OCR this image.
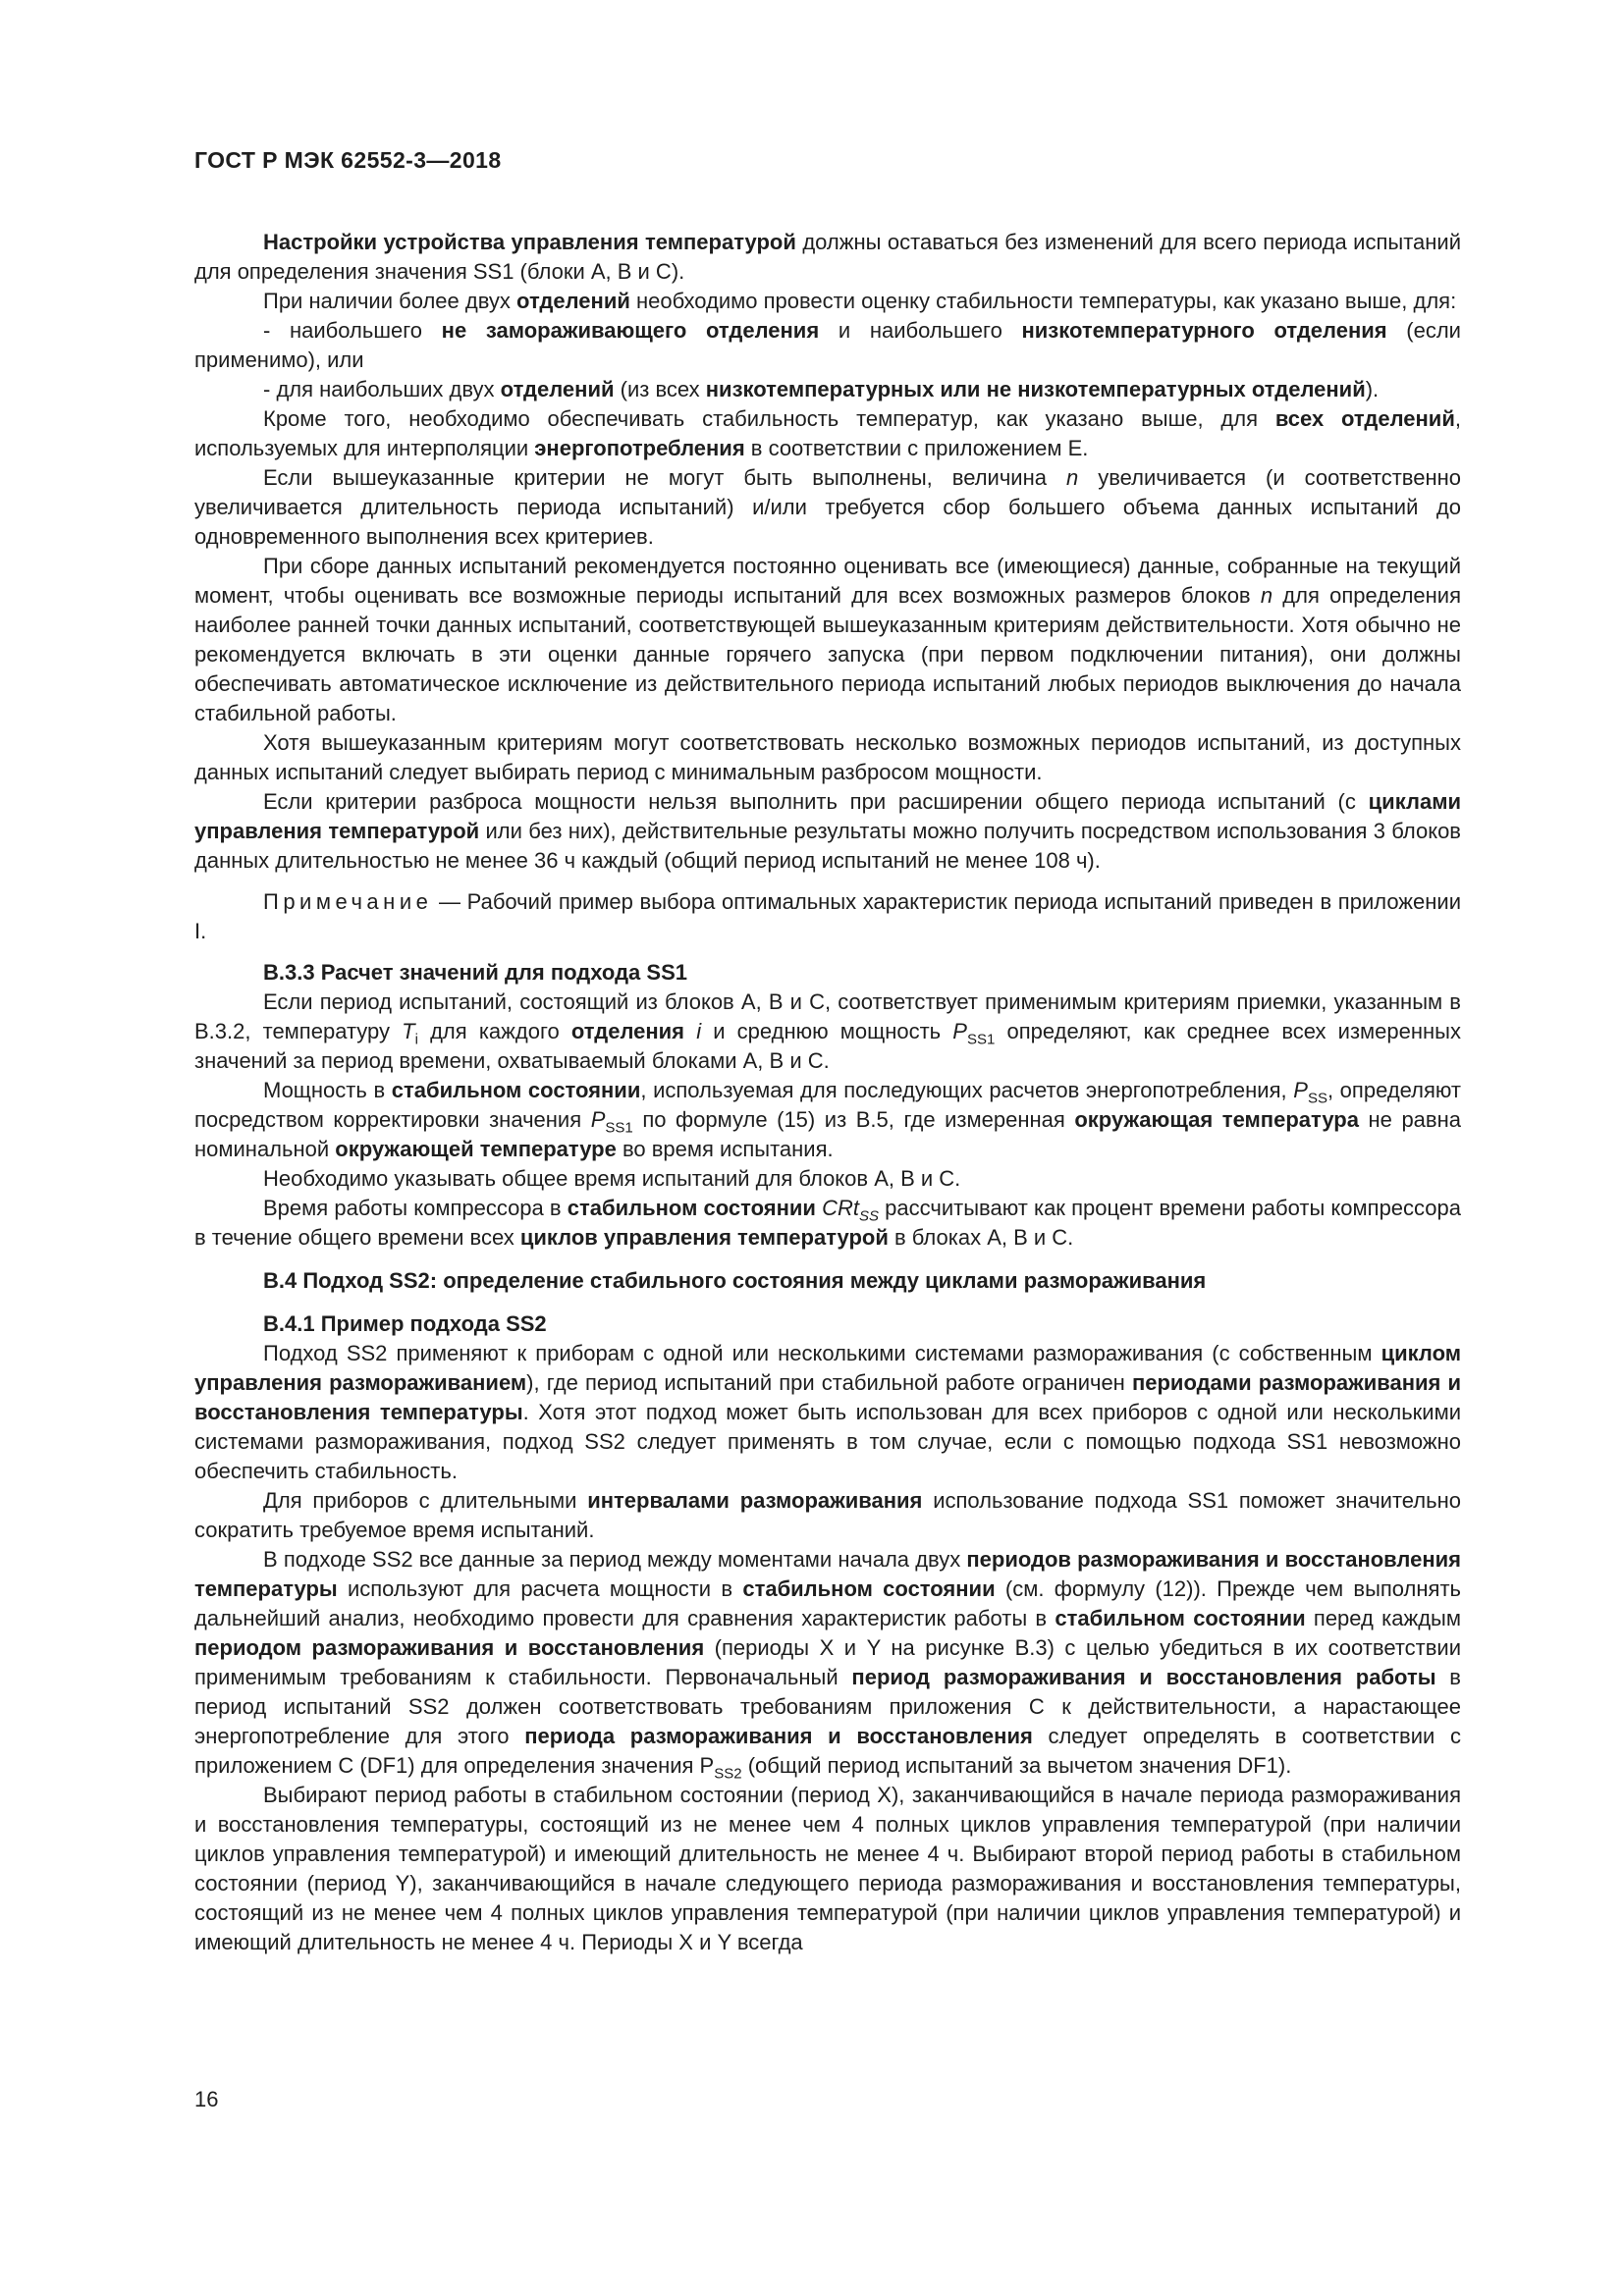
ГОСТ Р МЭК 62552-3—2018

Настройки устройства управления температурой должны оставаться без изменений для всего периода испытаний для определения значения SS1 (блоки А, В и С).

При наличии более двух отделений необходимо провести оценку стабильности температуры, как указано выше, для:

- наибольшего не замораживающего отделения и наибольшего низкотемпературного отделения (если применимо), или

- для наибольших двух отделений (из всех низкотемпературных или не низкотемпературных отделений).

Кроме того, необходимо обеспечивать стабильность температур, как указано выше, для всех отделений, используемых для интерполяции энергопотребления в соответствии с приложением Е.

Если вышеуказанные критерии не могут быть выполнены, величина n увеличивается (и соответственно увеличивается длительность периода испытаний) и/или требуется сбор большего объема данных испытаний до одновременного выполнения всех критериев.

При сборе данных испытаний рекомендуется постоянно оценивать все (имеющиеся) данные, собранные на текущий момент, чтобы оценивать все возможные периоды испытаний для всех возможных размеров блоков n для определения наиболее ранней точки данных испытаний, соответствующей вышеуказанным критериям действительности. Хотя обычно не рекомендуется включать в эти оценки данные горячего запуска (при первом подключении питания), они должны обеспечивать автоматическое исключение из действительного периода испытаний любых периодов выключения до начала стабильной работы.

Хотя вышеуказанным критериям могут соответствовать несколько возможных периодов испытаний, из доступных данных испытаний следует выбирать период с минимальным разбросом мощности.

Если критерии разброса мощности нельзя выполнить при расширении общего периода испытаний (с циклами управления температурой или без них), действительные результаты можно получить посредством использования 3 блоков данных длительностью не менее 36 ч каждый (общий период испытаний не менее 108 ч).

Примечание — Рабочий пример выбора оптимальных характеристик периода испытаний приведен в приложении I.

В.3.3 Расчет значений для подхода SS1

Если период испытаний, состоящий из блоков А, В и С, соответствует применимым критериям приемки, указанным в В.3.2, температуру $T_i$ для каждого отделения i и среднюю мощность $P_{SS1}$ определяют, как среднее всех измеренных значений за период времени, охватываемый блоками А, В и С.

Мощность в стабильном состоянии, используемая для последующих расчетов энергопотребления, $P_{SS}$, определяют посредством корректировки значения $P_{SS1}$ по формуле (15) из В.5, где измеренная окружающая температура не равна номинальной окружающей температуре во время испытания.

Необходимо указывать общее время испытаний для блоков А, В и С.

Время работы компрессора в стабильном состоянии CRt$_{SS}$ рассчитывают как процент времени работы компрессора в течение общего времени всех циклов управления температурой в блоках А, В и С.

В.4 Подход SS2: определение стабильного состояния между циклами размораживания
В.4.1 Пример подхода SS2

Подход SS2 применяют к приборам с одной или несколькими системами размораживания (с собственным циклом управления размораживанием), где период испытаний при стабильной работе ограничен периодами размораживания и восстановления температуры. Хотя этот подход может быть использован для всех приборов с одной или несколькими системами размораживания, подход SS2 следует применять в том случае, если с помощью подхода SS1 невозможно обеспечить стабильность.

Для приборов с длительными интервалами размораживания использование подхода SS1 поможет значительно сократить требуемое время испытаний.

В подходе SS2 все данные за период между моментами начала двух периодов размораживания и восстановления температуры используют для расчета мощности в стабильном состоянии (см. формулу (12)). Прежде чем выполнять дальнейший анализ, необходимо провести для сравнения характеристик работы в стабильном состоянии перед каждым периодом размораживания и восстановления (периоды X и Y на рисунке В.3) с целью убедиться в их соответствии применимым требованиям к стабильности. Первоначальный период размораживания и восстановления работы в период испытаний SS2 должен соответствовать требованиям приложения С к действительности, а нарастающее энергопотребление для этого периода размораживания и восстановления следует определять в соответствии с приложением С (DF1) для определения значения $P_{SS2}$ (общий период испытаний за вычетом значения DF1).

Выбирают период работы в стабильном состоянии (период X), заканчивающийся в начале периода размораживания и восстановления температуры, состоящий из не менее чем 4 полных циклов управления температурой (при наличии циклов управления температурой) и имеющий длительность не менее 4 ч. Выбирают второй период работы в стабильном состоянии (период Y), заканчивающийся в начале следующего периода размораживания и восстановления температуры, состоящий из не менее чем 4 полных циклов управления температурой (при наличии циклов управления температурой) и имеющий длительность не менее 4 ч. Периоды X и Y всегда

16
